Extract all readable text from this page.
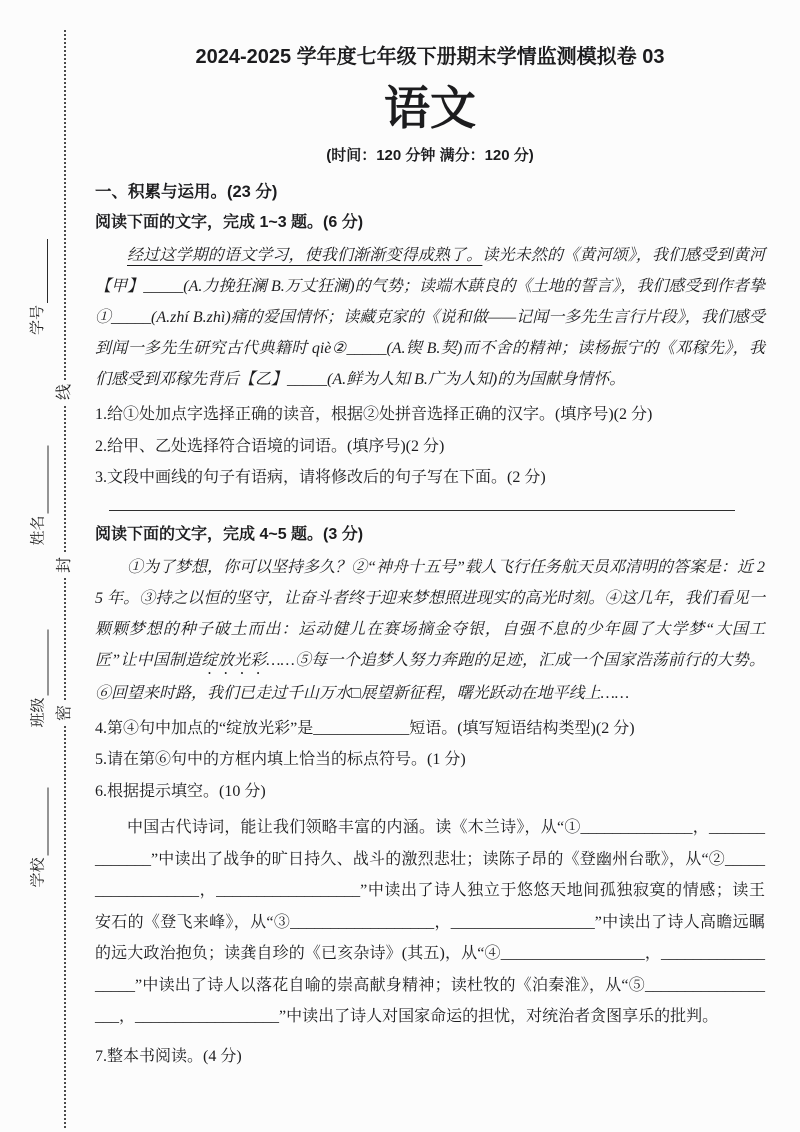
学号
姓名
班级
学校
线
封
密
2024-2025 学年度七年级下册期末学情监测模拟卷 03
语文
(时间：120 分钟 满分：120 分)
一、积累与运用。(23 分)
阅读下面的文字，完成 1~3 题。(6 分)

经过这学期的语文学习，使我们渐渐变得成熟了。读光未然的《黄河颂》，我们感受到黄河【甲】_____(A.力挽狂澜 B.万丈狂澜)的气势；读端木蕻良的《土地的誓言》，我们感受到作者挚①_____(A.zhí B.zhì)痛的爱国情怀；读藏克家的《说和做——记闻一多先生言行片段》，我们感受到闻一多先生研究古代典籍时 qiè②_____(A.锲 B.契)而不舍的精神；读杨振宁的《邓稼先》，我们感受到邓稼先背后【乙】_____(A.鲜为人知 B.广为人知)的为国献身情怀。

1.给①处加点字选择正确的读音，根据②处拼音选择正确的汉字。(填序号)(2 分)

2.给甲、乙处选择符合语境的词语。(填序号)(2 分)

3.文段中画线的句子有语病，请将修改后的句子写在下面。(2 分)

阅读下面的文字，完成 4~5 题。(3 分)

①为了梦想，你可以坚持多久？②“神舟十五号”载人飞行任务航天员邓清明的答案是：近 25 年。③持之以恒的坚守，让奋斗者终于迎来梦想照进现实的高光时刻。④这几年，我们看见一颗颗梦想的种子破土而出：运动健儿在赛场摘金夺银，自强不息的少年圆了大学梦“大国工匠”让中国制造绽放光彩……⑤每一个追梦人努力奔跑的足迹，汇成一个国家浩荡前行的大势。⑥回望来时路，我们已走过千山万水□展望新征程，曙光跃动在地平线上……

4.第④句中加点的“绽放光彩”是____________短语。(填写短语结构类型)(2 分)

5.请在第⑥句中的方框内填上恰当的标点符号。(1 分)

6.根据提示填空。(10 分)

中国古代诗词，能让我们领略丰富的内涵。读《木兰诗》，从“①______________，______________”中读出了战争的旷日持久、战斗的激烈悲壮；读陈子昂的《登幽州台歌》，从“②__________________，__________________”中读出了诗人独立于悠悠天地间孤独寂寞的情感；读王安石的《登飞来峰》，从“③__________________，__________________”中读出了诗人高瞻远瞩的远大政治抱负；读龚自珍的《已亥杂诗》(其五)，从“④__________________，__________________”中读出了诗人以落花自喻的崇高献身精神；读杜牧的《泊秦淮》，从“⑤__________________，__________________”中读出了诗人对国家命运的担忧，对统治者贪图享乐的批判。

7.整本书阅读。(4 分)
